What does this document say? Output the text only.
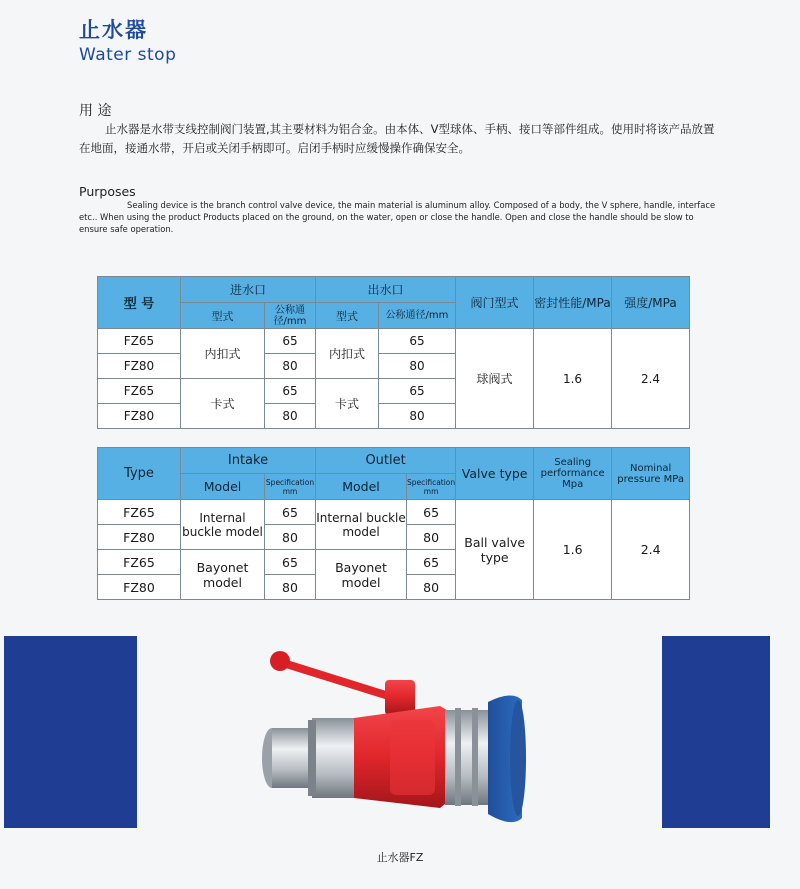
止水器
Water stop
用 途
止水器是水带支线控制阀门装置,其主要材料为铝合金。由本体、V型球体、手柄、接口等部件组成。使用时将该产品放置在地面，接通水带，开启或关闭手柄即可。启闭手柄时应缓慢操作确保安全。
Purposes
Sealing device is the branch control valve device, the main material is aluminum alloy. Composed of a body, the V sphere, handle, interface etc.. When using the product Products placed on the ground, on the water, open or close the handle. Open and close the handle should be slow to ensure safe operation.
型 号	进水口		出水口		阀门型式	密封性能/MPa	强度/MPa
	型式	公称通径/mm	型式	公称通径/mm			
FZ65	内扣式	65	内扣式	65	球阀式	1.6	2.4
FZ80		80		80			
FZ65	卡式	65	卡式	65			
FZ80		80		80			
Type	Intake		Outlet		Valve type	Sealing performance Mpa	Nominal pressure MPa
	Model	Specification mm	Model	Specification mm			
FZ65	Internal buckle model	65	Internal buckle model	65	Ball valve type	1.6	2.4
FZ80		80		80			
FZ65	Bayonet model	65	Bayonet model	65			
FZ80		80		80			
止水器FZ
